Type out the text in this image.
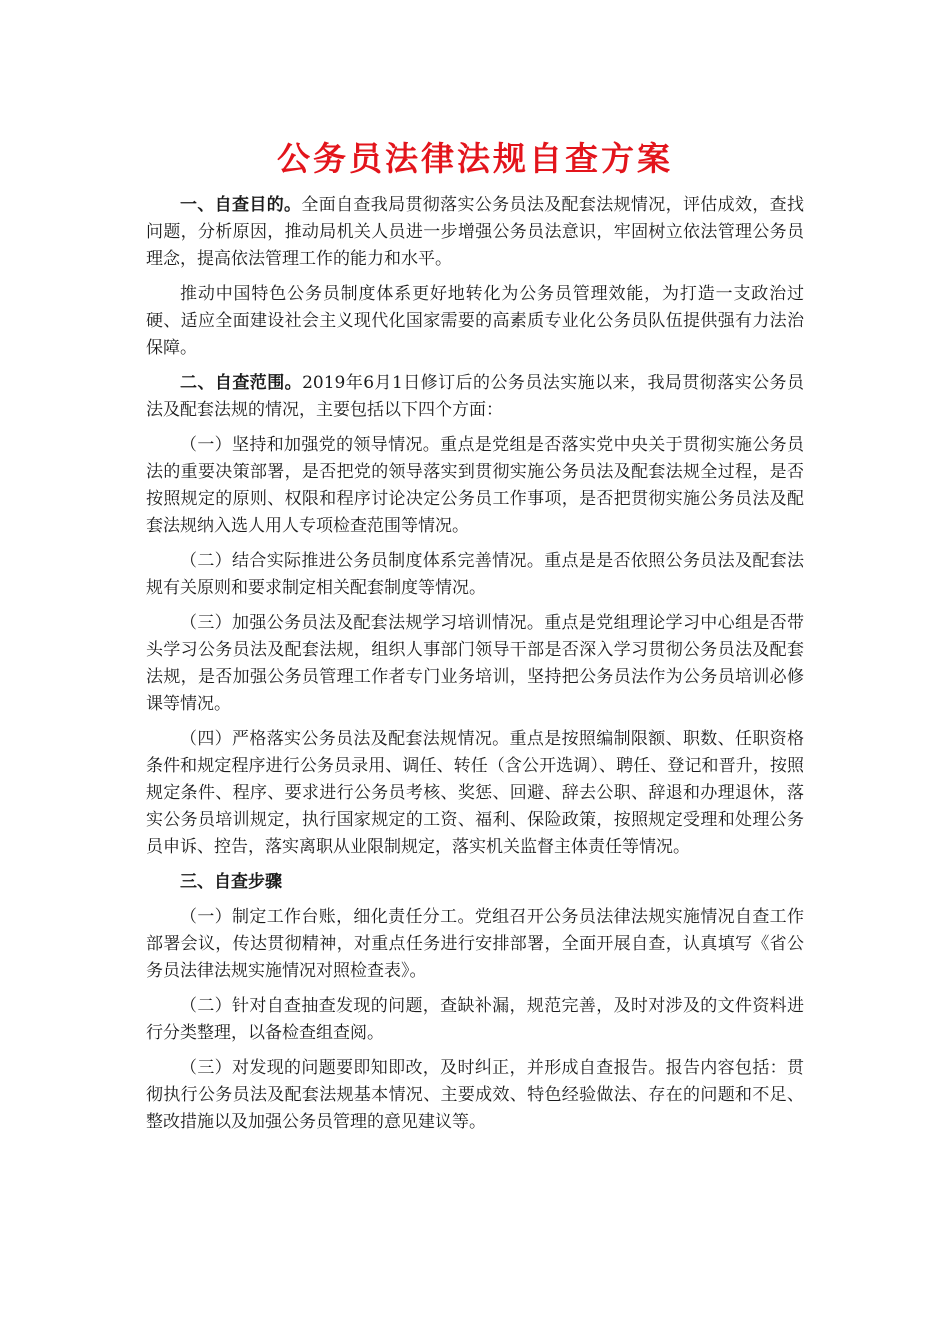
公务员法律法规自查方案

一、自查目的。全面自查我局贯彻落实公务员法及配套法规情况，评估成效，查找问题，分析原因，推动局机关人员进一步增强公务员法意识，牢固树立依法管理公务员理念，提高依法管理工作的能力和水平。

推动中国特色公务员制度体系更好地转化为公务员管理效能，为打造一支政治过硬、适应全面建设社会主义现代化国家需要的高素质专业化公务员队伍提供强有力法治保障。

二、自查范围。2019年6月1日修订后的公务员法实施以来，我局贯彻落实公务员法及配套法规的情况，主要包括以下四个方面：

（一）坚持和加强党的领导情况。重点是党组是否落实党中央关于贯彻实施公务员法的重要决策部署，是否把党的领导落实到贯彻实施公务员法及配套法规全过程，是否按照规定的原则、权限和程序讨论决定公务员工作事项，是否把贯彻实施公务员法及配套法规纳入选人用人专项检查范围等情况。

（二）结合实际推进公务员制度体系完善情况。重点是是否依照公务员法及配套法规有关原则和要求制定相关配套制度等情况。

（三）加强公务员法及配套法规学习培训情况。重点是党组理论学习中心组是否带头学习公务员法及配套法规，组织人事部门领导干部是否深入学习贯彻公务员法及配套法规，是否加强公务员管理工作者专门业务培训，坚持把公务员法作为公务员培训必修课等情况。

（四）严格落实公务员法及配套法规情况。重点是按照编制限额、职数、任职资格条件和规定程序进行公务员录用、调任、转任（含公开选调）、聘任、登记和晋升，按照规定条件、程序、要求进行公务员考核、奖惩、回避、辞去公职、辞退和办理退休，落实公务员培训规定，执行国家规定的工资、福利、保险政策，按照规定受理和处理公务员申诉、控告，落实离职从业限制规定，落实机关监督主体责任等情况。

三、自查步骤

（一）制定工作台账，细化责任分工。党组召开公务员法律法规实施情况自查工作部署会议，传达贯彻精神，对重点任务进行安排部署，全面开展自查，认真填写《省公务员法律法规实施情况对照检查表》。

（二）针对自查抽查发现的问题，查缺补漏，规范完善，及时对涉及的文件资料进行分类整理，以备检查组查阅。

（三）对发现的问题要即知即改，及时纠正，并形成自查报告。报告内容包括：贯彻执行公务员法及配套法规基本情况、主要成效、特色经验做法、存在的问题和不足、整改措施以及加强公务员管理的意见建议等。
